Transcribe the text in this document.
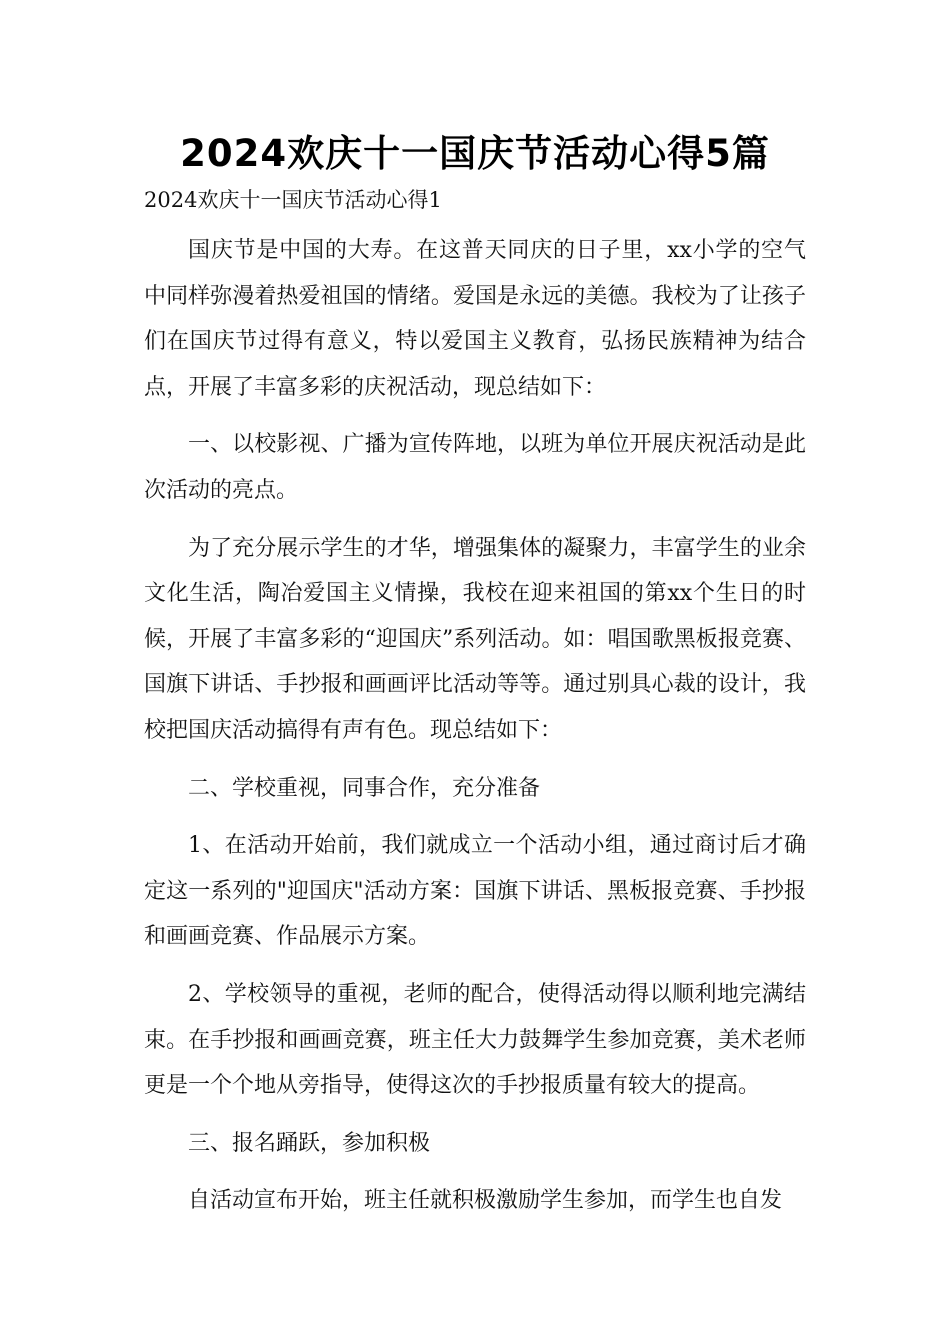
2024欢庆十一国庆节活动心得5篇

2024欢庆十一国庆节活动心得1

国庆节是中国的大寿。在这普天同庆的日子里，xx小学的空气中同样弥漫着热爱祖国的情绪。爱国是永远的美德。我校为了让孩子们在国庆节过得有意义，特以爱国主义教育，弘扬民族精神为结合点，开展了丰富多彩的庆祝活动，现总结如下：

一、以校影视、广播为宣传阵地，以班为单位开展庆祝活动是此次活动的亮点。

为了充分展示学生的才华，增强集体的凝聚力，丰富学生的业余文化生活，陶冶爱国主义情操，我校在迎来祖国的第xx个生日的时候，开展了丰富多彩的“迎国庆”系列活动。如：唱国歌黑板报竞赛、国旗下讲话、手抄报和画画评比活动等等。通过别具心裁的设计，我校把国庆活动搞得有声有色。现总结如下：

二、学校重视，同事合作，充分准备

1、在活动开始前，我们就成立一个活动小组，通过商讨后才确定这一系列的"迎国庆"活动方案：国旗下讲话、黑板报竞赛、手抄报和画画竞赛、作品展示方案。

2、学校领导的重视，老师的配合，使得活动得以顺利地完满结束。在手抄报和画画竞赛，班主任大力鼓舞学生参加竞赛，美术老师更是一个个地从旁指导，使得这次的手抄报质量有较大的提高。

三、报名踊跃，参加积极

自活动宣布开始，班主任就积极激励学生参加，而学生也自发
